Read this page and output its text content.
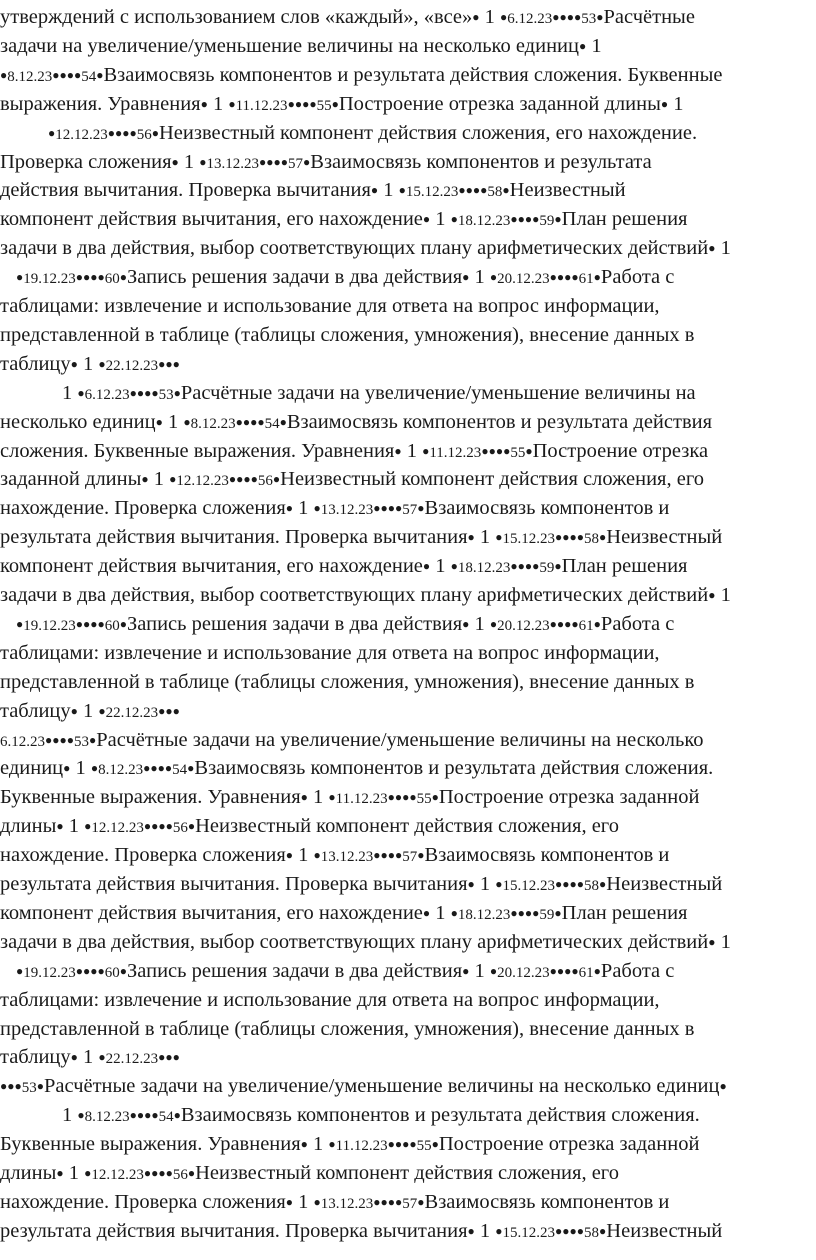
утверждений с использованием слов «каждый», «все»● 1 ●6.12.23●●●●53●Расчётные
задачи на увеличение/уменьшение величины на несколько единиц● 1
●8.12.23●●●●54●Взаимосвязь компонентов и результата действия сложения. Буквенные
выражения. Уравнения● 1 ●11.12.23●●●●55●Построение отрезка заданной длины● 1
●12.12.23●●●●56●Неизвестный компонент действия сложения, его нахождение.
Проверка сложения● 1 ●13.12.23●●●●57●Взаимосвязь компонентов и результата
действия вычитания. Проверка вычитания● 1 ●15.12.23●●●●58●Неизвестный
компонент действия вычитания, его нахождение● 1 ●18.12.23●●●●59●План решения
задачи в два действия, выбор соответствующих плану арифметических действий● 1
●19.12.23●●●●60●Запись решения задачи в два действия● 1 ●20.12.23●●●●61●Работа с
таблицами: извлечение и использование для ответа на вопрос информации,
представленной в таблице (таблицы сложения, умножения), внесение данных в
таблицу● 1 ●22.12.23●●●
1 ●6.12.23●●●●53●Расчётные задачи на увеличение/уменьшение величины на
несколько единиц● 1 ●8.12.23●●●●54●Взаимосвязь компонентов и результата действия
сложения. Буквенные выражения. Уравнения● 1 ●11.12.23●●●●55●Построение отрезка
заданной длины● 1 ●12.12.23●●●●56●Неизвестный компонент действия сложения, его
нахождение. Проверка сложения● 1 ●13.12.23●●●●57●Взаимосвязь компонентов и
результата действия вычитания. Проверка вычитания● 1 ●15.12.23●●●●58●Неизвестный
компонент действия вычитания, его нахождение● 1 ●18.12.23●●●●59●План решения
задачи в два действия, выбор соответствующих плану арифметических действий● 1
●19.12.23●●●●60●Запись решения задачи в два действия● 1 ●20.12.23●●●●61●Работа с
таблицами: извлечение и использование для ответа на вопрос информации,
представленной в таблице (таблицы сложения, умножения), внесение данных в
таблицу● 1 ●22.12.23●●●
6.12.23●●●●53●Расчётные задачи на увеличение/уменьшение величины на несколько
единиц● 1 ●8.12.23●●●●54●Взаимосвязь компонентов и результата действия сложения.
Буквенные выражения. Уравнения● 1 ●11.12.23●●●●55●Построение отрезка заданной
длины● 1 ●12.12.23●●●●56●Неизвестный компонент действия сложения, его
нахождение. Проверка сложения● 1 ●13.12.23●●●●57●Взаимосвязь компонентов и
результата действия вычитания. Проверка вычитания● 1 ●15.12.23●●●●58●Неизвестный
компонент действия вычитания, его нахождение● 1 ●18.12.23●●●●59●План решения
задачи в два действия, выбор соответствующих плану арифметических действий● 1
●19.12.23●●●●60●Запись решения задачи в два действия● 1 ●20.12.23●●●●61●Работа с
таблицами: извлечение и использование для ответа на вопрос информации,
представленной в таблице (таблицы сложения, умножения), внесение данных в
таблицу● 1 ●22.12.23●●●
●●●53●Расчётные задачи на увеличение/уменьшение величины на несколько единиц●
1 ●8.12.23●●●●54●Взаимосвязь компонентов и результата действия сложения.
Буквенные выражения. Уравнения● 1 ●11.12.23●●●●55●Построение отрезка заданной
длины● 1 ●12.12.23●●●●56●Неизвестный компонент действия сложения, его
нахождение. Проверка сложения● 1 ●13.12.23●●●●57●Взаимосвязь компонентов и
результата действия вычитания. Проверка вычитания● 1 ●15.12.23●●●●58●Неизвестный
